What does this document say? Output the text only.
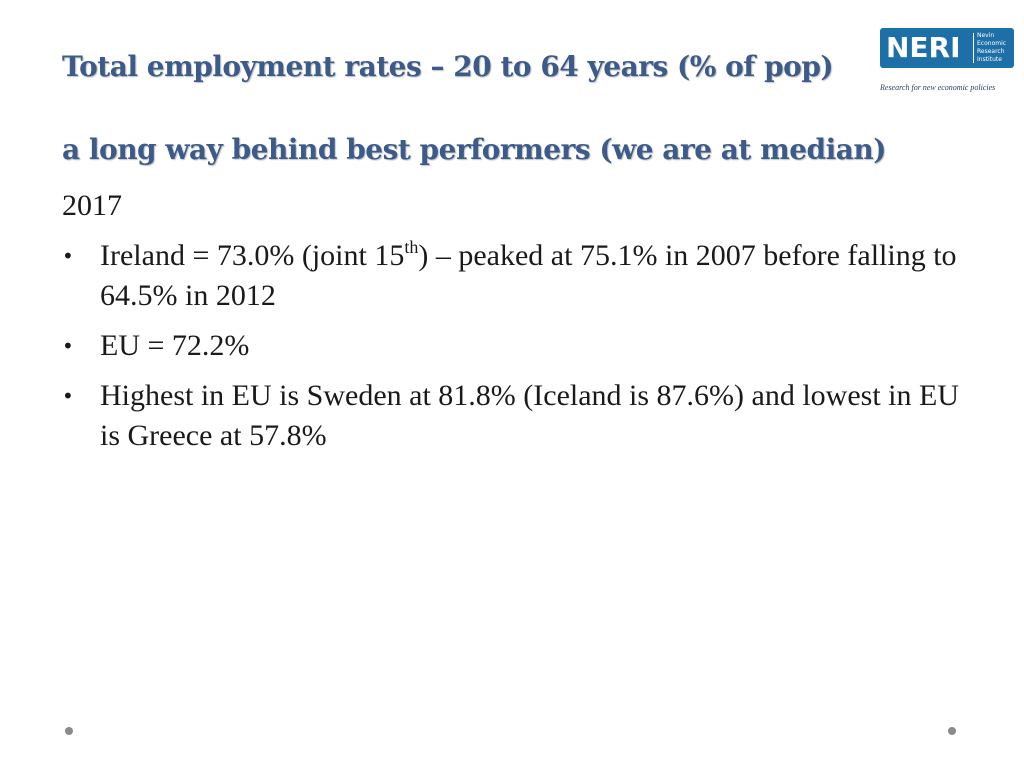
Total employment rates – 20 to 64 years (% of pop)
NERI	Nevin
Economic
Research
Institute
Research for new economic policies
a long way behind best performers (we are at median)
2017
• Ireland = 73.0% (joint 15th) – peaked at 75.1% in 2007 before falling to 64.5% in 2012
• EU = 72.2%
• Highest in EU is Sweden at 81.8% (Iceland is 87.6%) and lowest in EU is Greece at 57.8%
